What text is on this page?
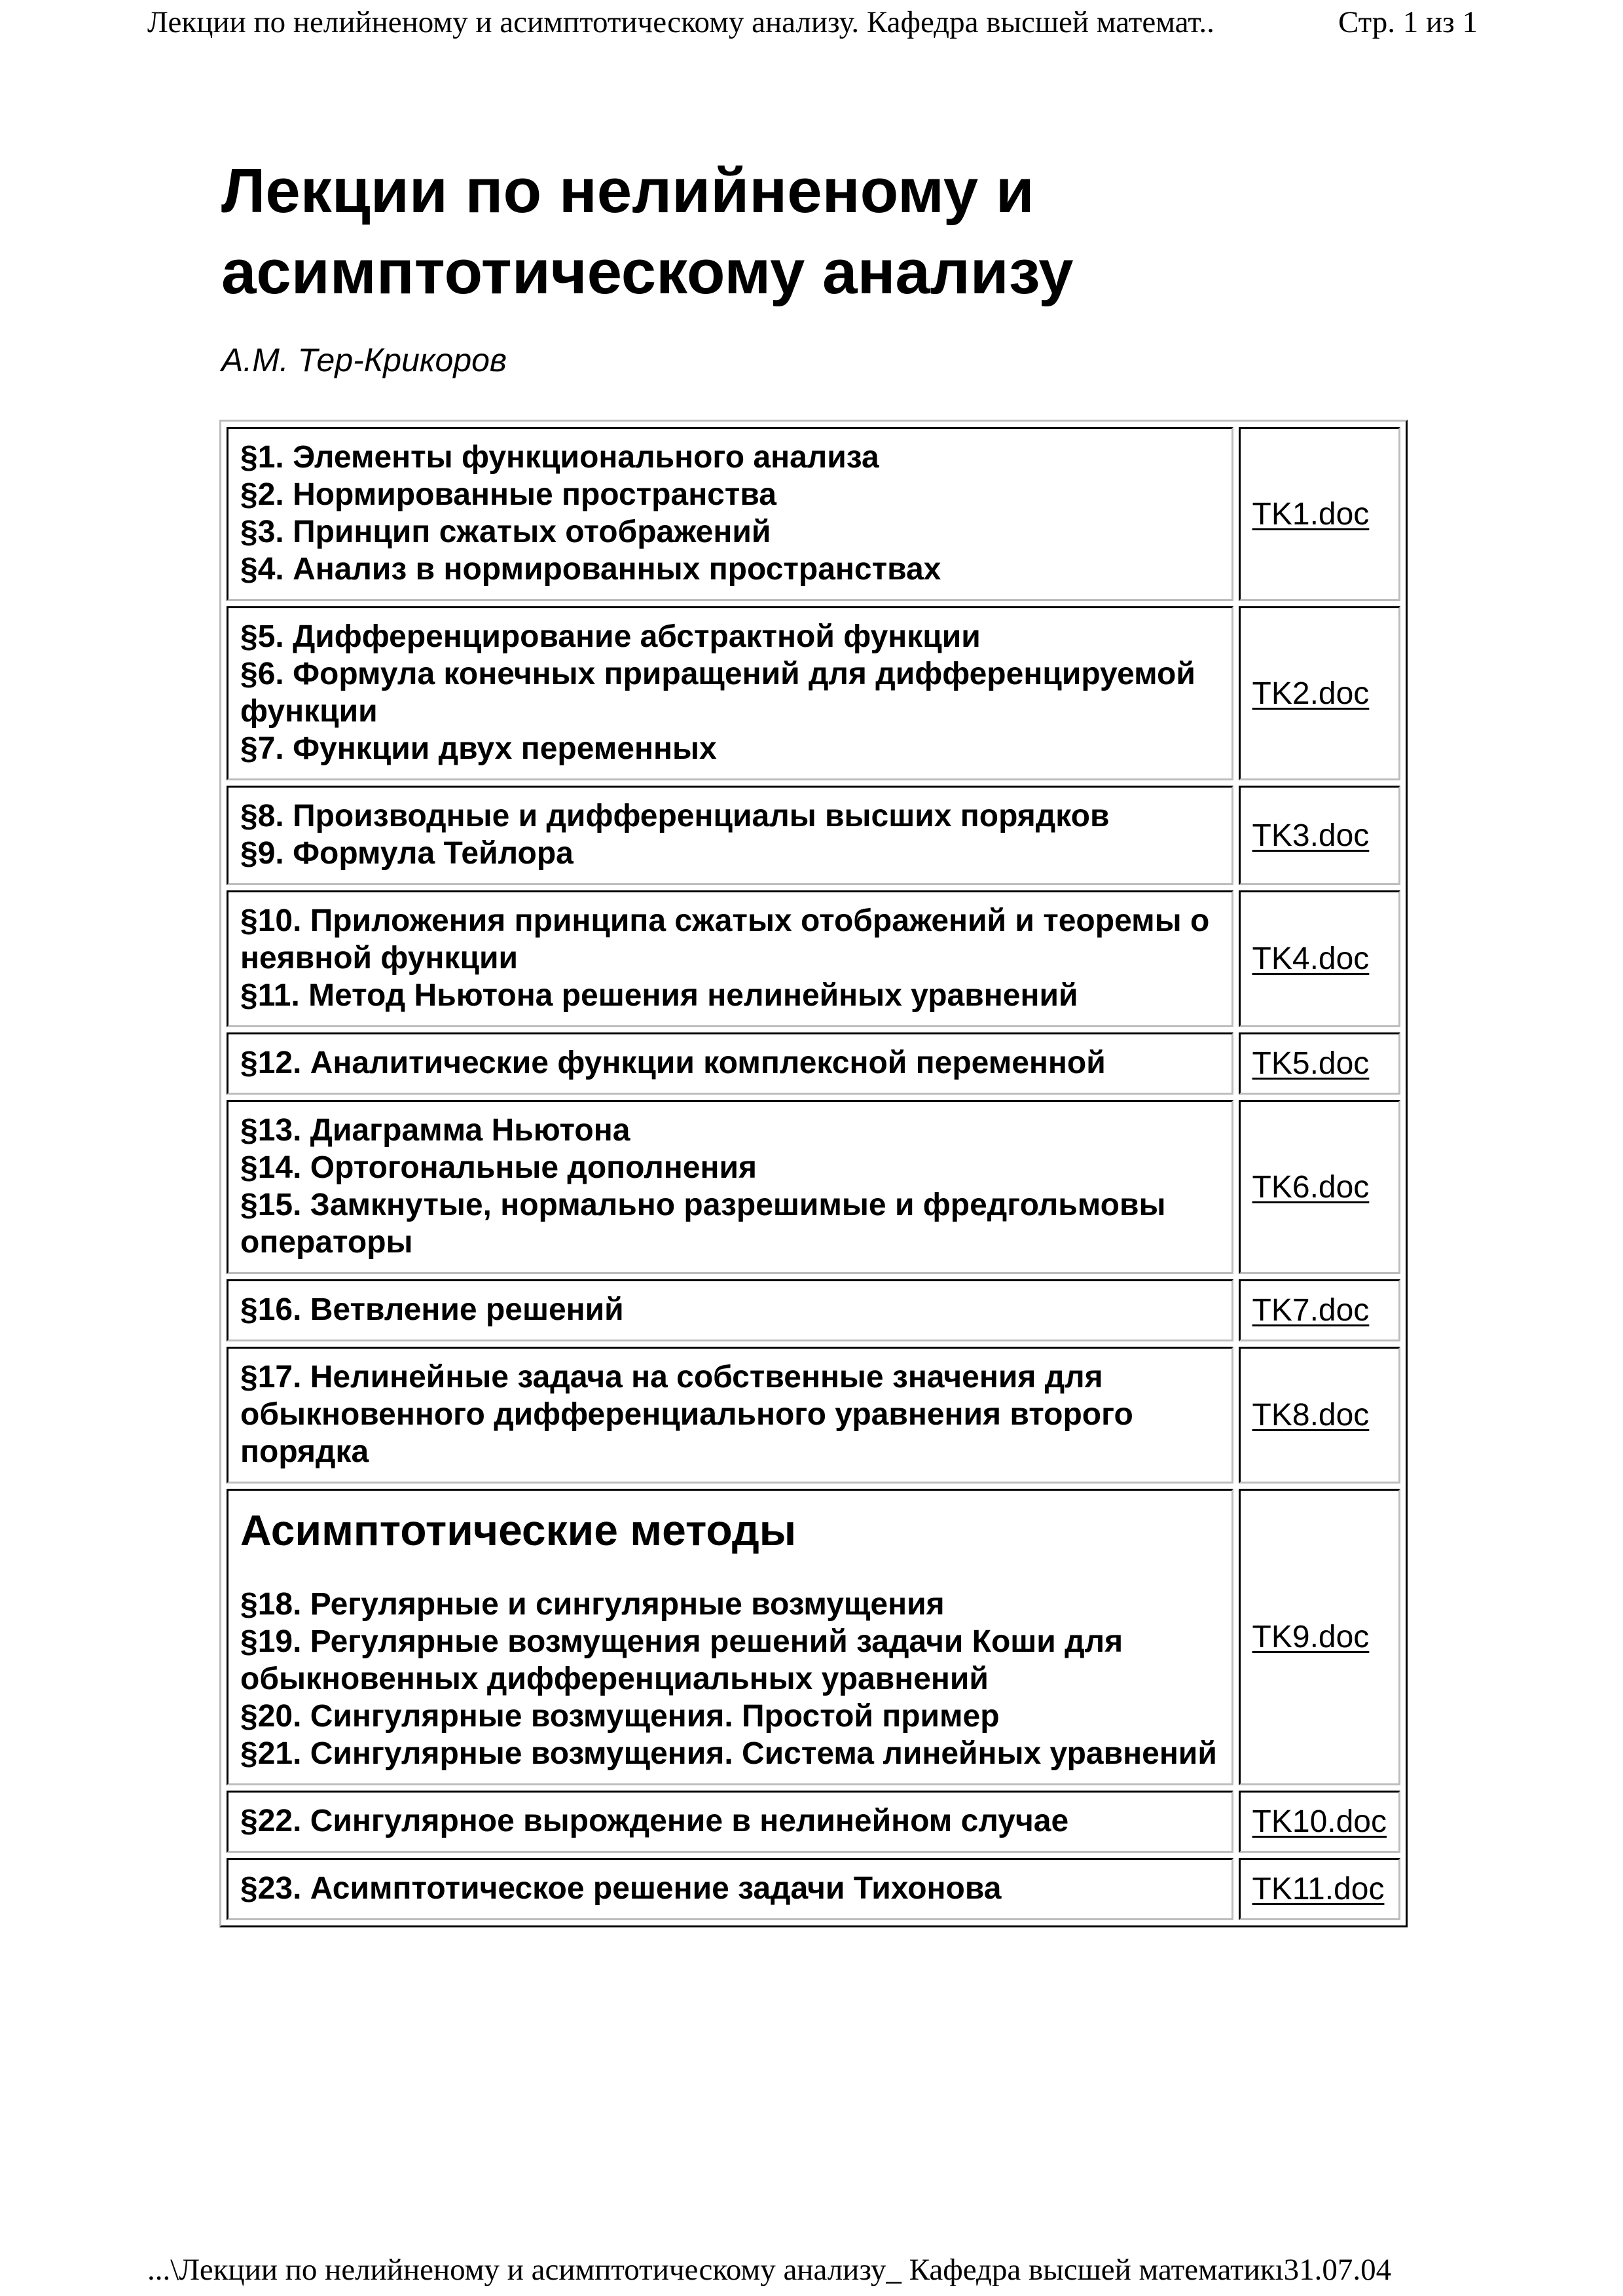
Лекции по нелийненому и асимптотическому анализу. Кафедра высшей математ..	Стр. 1 из 1
Лекции по нелийненому и асимптотическому анализу
А.М. Тер-Крикоров
§1. Элементы функционального анализа
§2. Нормированные пространства
§3. Принцип сжатых отображений
§4. Анализ в нормированных пространствах	TK1.doc

§5. Дифференцирование абстрактной функции
§6. Формула конечных приращений для дифференцируемой функции
§7. Функции двух переменных	TK2.doc

§8. Производные и дифференциалы высших порядков
§9. Формула Тейлора	TK3.doc

§10. Приложения принципа сжатых отображений и теоремы о неявной функции
§11. Метод Ньютона решения нелинейных уравнений	TK4.doc

§12. Аналитические функции комплексной переменной	TK5.doc

§13. Диаграмма Ньютона
§14. Ортогональные дополнения
§15. Замкнутые, нормально разрешимые и фредгольмовы операторы	TK6.doc

§16. Ветвление решений	TK7.doc

§17. Нелинейные задача на собственные значения для обыкновенного дифференциального уравнения второго порядка	TK8.doc

Асимптотические методы
§18. Регулярные и сингулярные возмущения
§19. Регулярные возмущения решений задачи Коши для обыкновенных дифференциальных уравнений
§20. Сингулярные возмущения. Простой пример
§21. Сингулярные возмущения. Система линейных уравнений	TK9.doc

§22. Сингулярное вырождение в нелинейном случае	TK10.doc

§23. Асимптотическое решение задачи Тихонова	TK11.doc
...\Лекции по нелийненому и асимптотическому анализу_ Кафедра высшей математикı31.07.04
